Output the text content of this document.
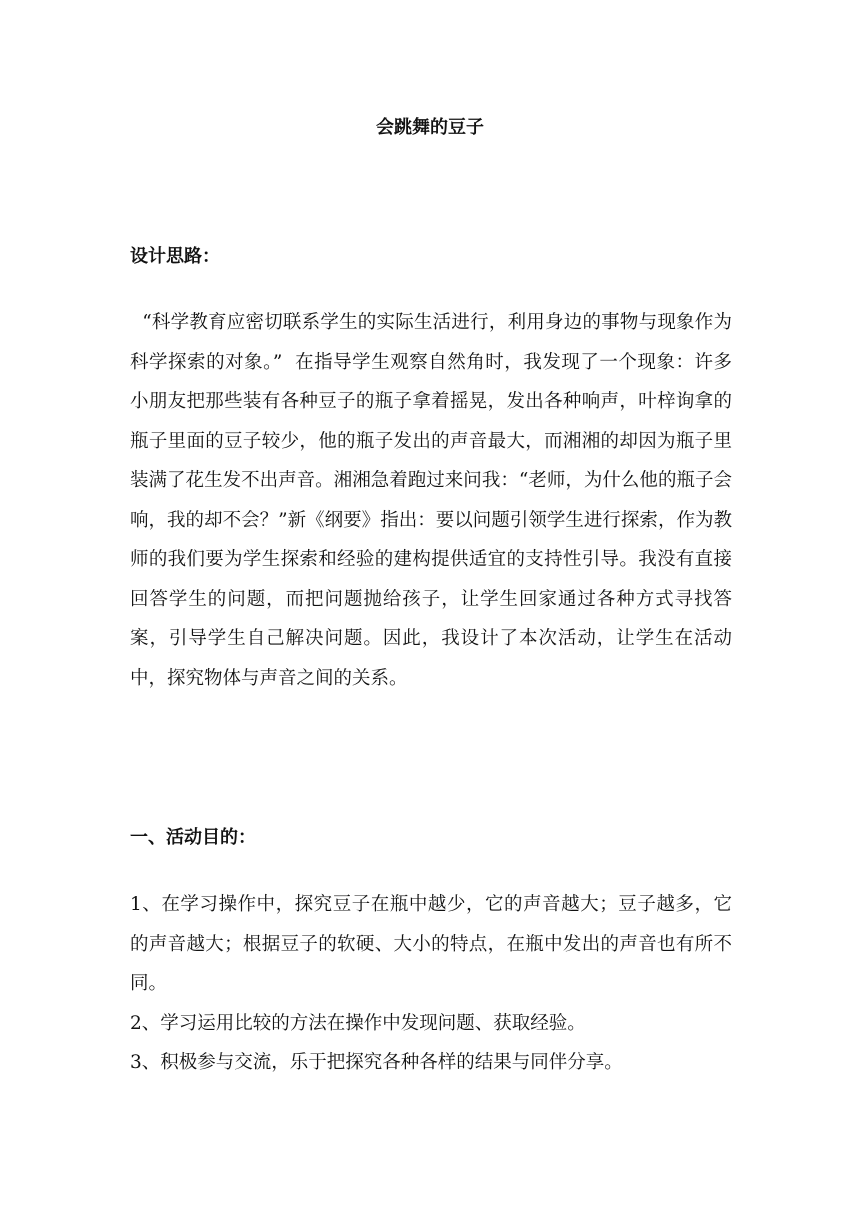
会跳舞的豆子
设计思路：

“科学教育应密切联系学生的实际生活进行，利用身边的事物与现象作为科学探索的对象。”  在指导学生观察自然角时，我发现了一个现象：许多小朋友把那些装有各种豆子的瓶子拿着摇晃，发出各种响声，叶梓询拿的瓶子里面的豆子较少，他的瓶子发出的声音最大，而湘湘的却因为瓶子里装满了花生发不出声音。湘湘急着跑过来问我：“老师，为什么他的瓶子会响，我的却不会？”新《纲要》指出：要以问题引领学生进行探索，作为教师的我们要为学生探索和经验的建构提供适宜的支持性引导。我没有直接回答学生的问题，而把问题抛给孩子，让学生回家通过各种方式寻找答案，引导学生自己解决问题。因此，我设计了本次活动，让学生在活动中，探究物体与声音之间的关系。

一、活动目的：
1、在学习操作中，探究豆子在瓶中越少，它的声音越大；豆子越多，它的声音越大；根据豆子的软硬、大小的特点，在瓶中发出的声音也有所不同。
2、学习运用比较的方法在操作中发现问题、获取经验。
3、积极参与交流，乐于把探究各种各样的结果与同伴分享。
